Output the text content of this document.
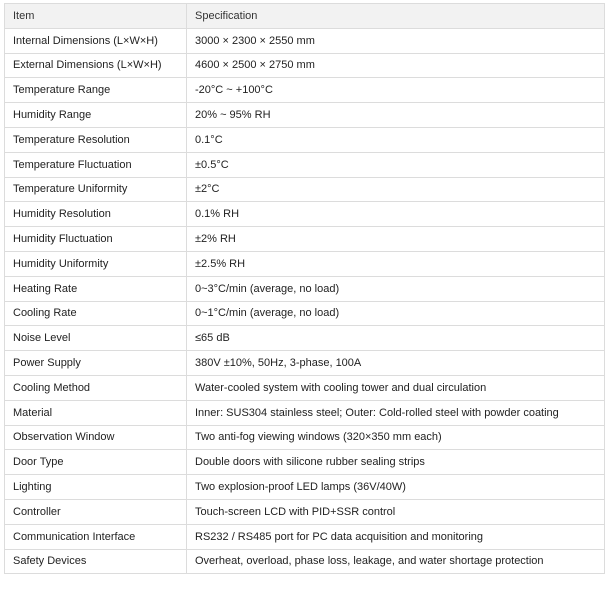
Item	Specification
Internal Dimensions (L×W×H)	3000 × 2300 × 2550 mm
External Dimensions (L×W×H)	4600 × 2500 × 2750 mm
Temperature Range	-20°C ~ +100°C
Humidity Range	20% ~ 95% RH
Temperature Resolution	0.1°C
Temperature Fluctuation	±0.5°C
Temperature Uniformity	±2°C
Humidity Resolution	0.1% RH
Humidity Fluctuation	±2% RH
Humidity Uniformity	±2.5% RH
Heating Rate	0~3°C/min (average, no load)
Cooling Rate	0~1°C/min (average, no load)
Noise Level	≤65 dB
Power Supply	380V ±10%, 50Hz, 3-phase, 100A
Cooling Method	Water-cooled system with cooling tower and dual circulation
Material	Inner: SUS304 stainless steel; Outer: Cold-rolled steel with powder coating
Observation Window	Two anti-fog viewing windows (320×350 mm each)
Door Type	Double doors with silicone rubber sealing strips
Lighting	Two explosion-proof LED lamps (36V/40W)
Controller	Touch-screen LCD with PID+SSR control
Communication Interface	RS232 / RS485 port for PC data acquisition and monitoring
Safety Devices	Overheat, overload, phase loss, leakage, and water shortage protection
